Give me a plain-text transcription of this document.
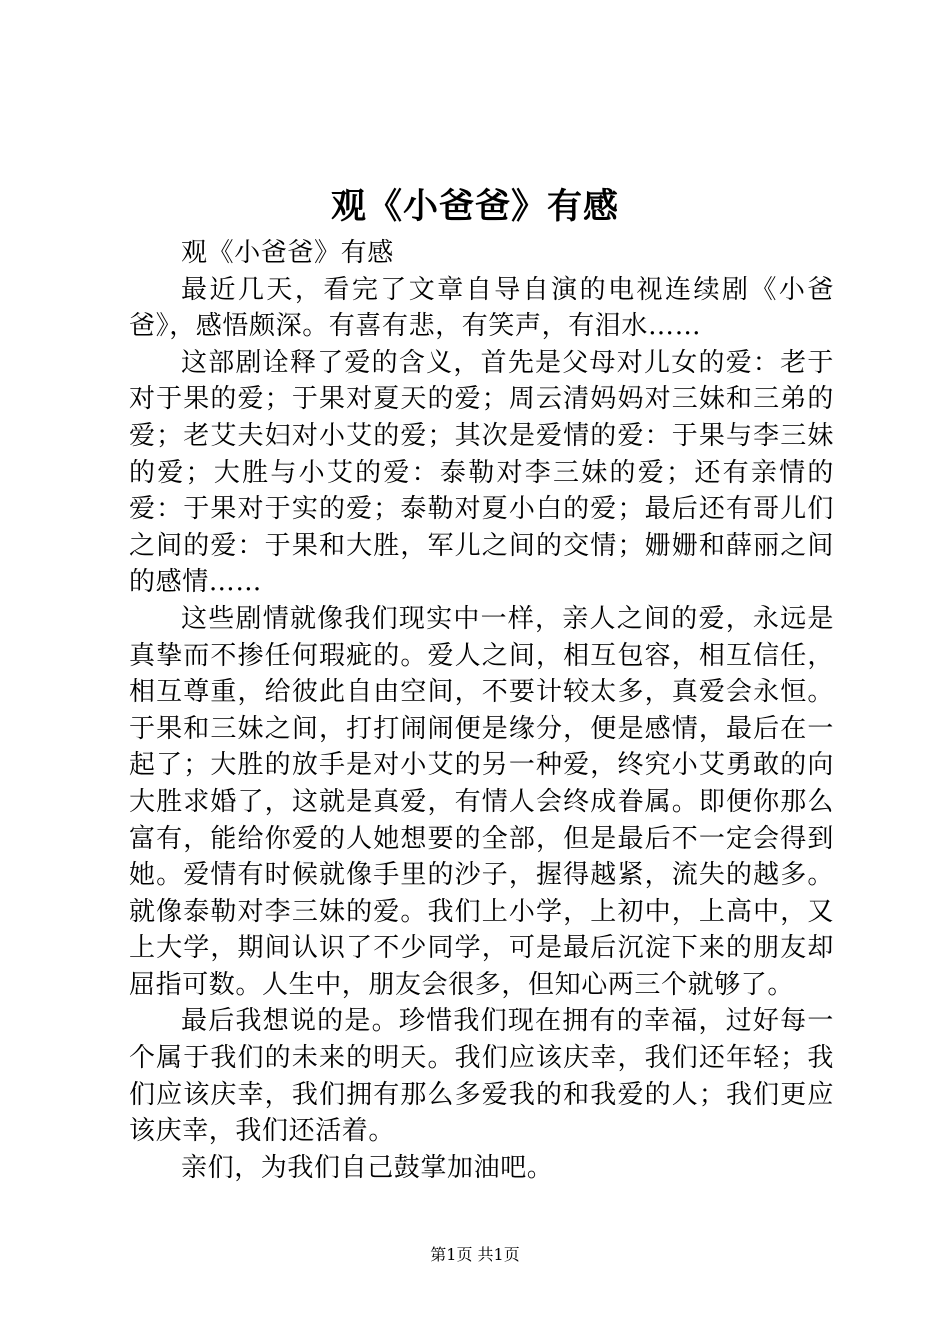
观《小爸爸》有感

观《小爸爸》有感

最近几天，看完了文章自导自演的电视连续剧《小爸爸》，感悟颇深。有喜有悲，有笑声，有泪水……

这部剧诠释了爱的含义，首先是父母对儿女的爱：老于对于果的爱；于果对夏天的爱；周云清妈妈对三妹和三弟的爱；老艾夫妇对小艾的爱；其次是爱情的爱：于果与李三妹的爱；大胜与小艾的爱：泰勒对李三妹的爱；还有亲情的爱：于果对于实的爱；泰勒对夏小白的爱；最后还有哥儿们之间的爱：于果和大胜，军儿之间的交情；姗姗和薛丽之间的感情……

这些剧情就像我们现实中一样，亲人之间的爱，永远是真挚而不掺任何瑕疵的。爱人之间，相互包容，相互信任，相互尊重，给彼此自由空间，不要计较太多，真爱会永恒。于果和三妹之间，打打闹闹便是缘分，便是感情，最后在一起了；大胜的放手是对小艾的另一种爱，终究小艾勇敢的向大胜求婚了，这就是真爱，有情人会终成眷属。即便你那么富有，能给你爱的人她想要的全部，但是最后不一定会得到她。爱情有时候就像手里的沙子，握得越紧，流失的越多。就像泰勒对李三妹的爱。我们上小学，上初中，上高中，又上大学，期间认识了不少同学，可是最后沉淀下来的朋友却屈指可数。人生中，朋友会很多，但知心两三个就够了。

最后我想说的是。珍惜我们现在拥有的幸福，过好每一个属于我们的未来的明天。我们应该庆幸，我们还年轻；我们应该庆幸，我们拥有那么多爱我的和我爱的人；我们更应该庆幸，我们还活着。

亲们，为我们自己鼓掌加油吧。

第1页 共1页
